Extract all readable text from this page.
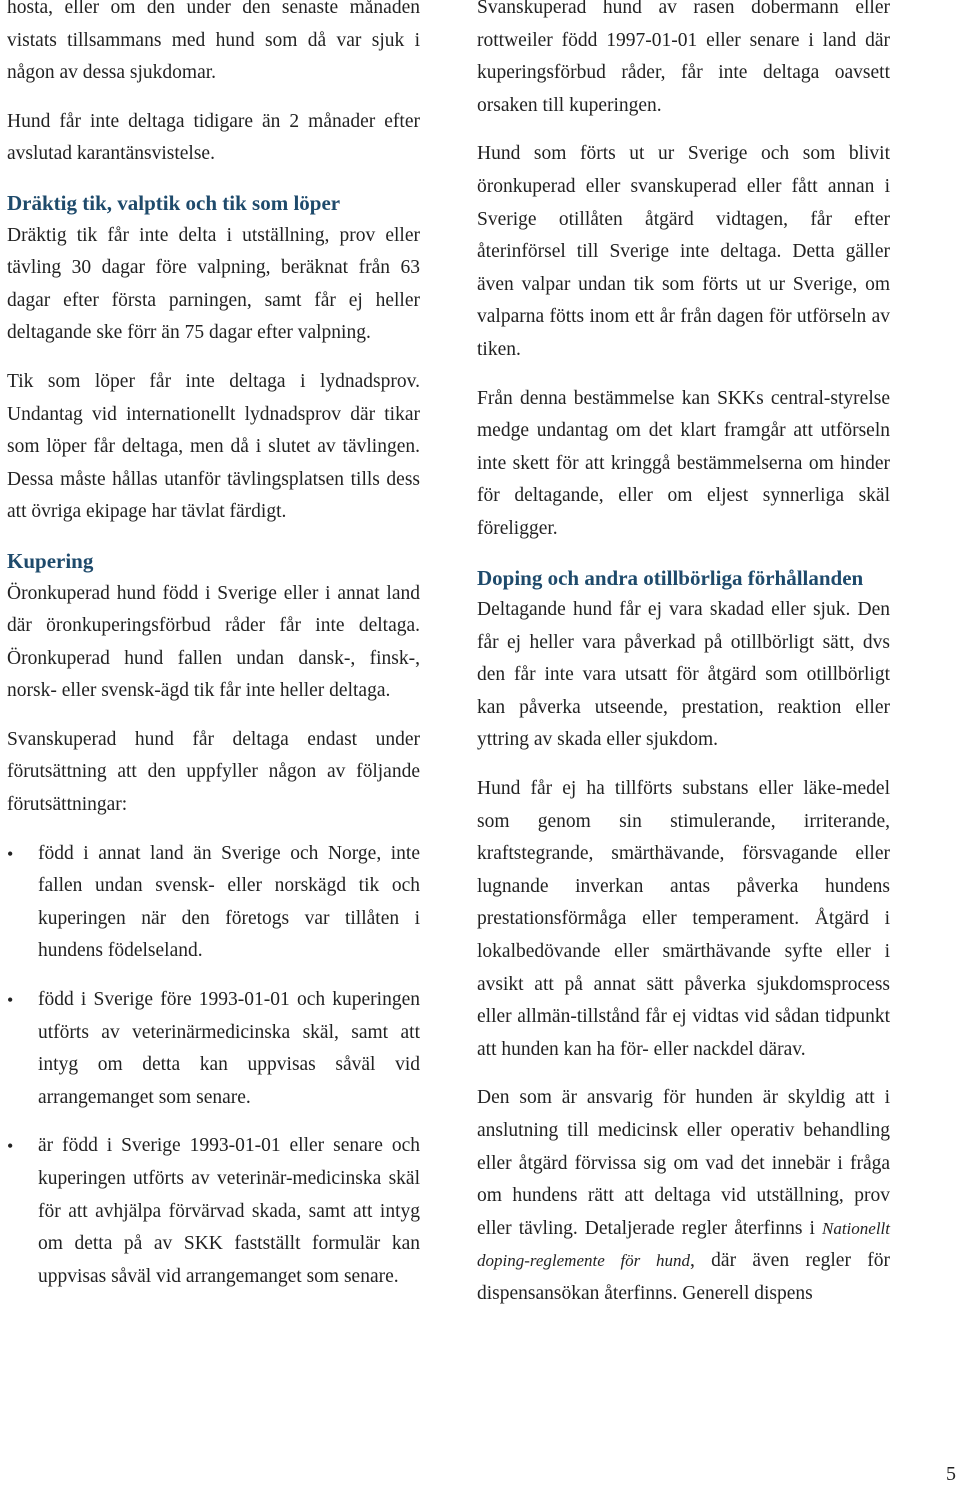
hosta, eller om den under den senaste månaden vistats tillsammans med hund som då var sjuk i någon av dessa sjukdomar.

Hund får inte deltaga tidigare än 2 månader efter avslutad karantänsvistelse.

Dräktig tik, valptik och tik som löper

Dräktig tik får inte delta i utställning, prov eller tävling 30 dagar före valpning, beräknat från 63 dagar efter första parningen, samt får ej heller deltagande ske förr än 75 dagar efter valpning.

Tik som löper får inte deltaga i lydnadsprov. Undantag vid internationellt lydnadsprov där tikar som löper får deltaga, men då i slutet av tävlingen. Dessa måste hållas utanför tävlingsplatsen tills dess att övriga ekipage har tävlat färdigt.

Kupering

Öronkuperad hund född i Sverige eller i annat land där öronkuperingsförbud råder får inte deltaga. Öronkuperad hund fallen undan dansk-, finsk-, norsk- eller svensk-ägd tik får inte heller deltaga.

Svanskuperad hund får deltaga endast under förutsättning att den uppfyller någon av följande förutsättningar:

• född i annat land än Sverige och Norge, inte fallen undan svensk- eller norskägd tik och kuperingen när den företogs var tillåten i hundens födelseland.
• född i Sverige före 1993-01-01 och kuperingen utförts av veterinärmedicinska skäl, samt att intyg om detta kan uppvisas såväl vid arrangemanget som senare.
• är född i Sverige 1993-01-01 eller senare och kuperingen utförts av veterinär-medicinska skäl för att avhjälpa förvärvad skada, samt att intyg om detta på av SKK fastställt formulär kan uppvisas såväl vid arrangemanget som senare.

Svanskuperad hund av rasen dobermann eller rottweiler född 1997-01-01 eller senare i land där kuperingsförbud råder, får inte deltaga oavsett orsaken till kuperingen.

Hund som förts ut ur Sverige och som blivit öronkuperad eller svanskuperad eller fått annan i Sverige otillåten åtgärd vidtagen, får efter återinförsel till Sverige inte deltaga. Detta gäller även valpar undan tik som förts ut ur Sverige, om valparna fötts inom ett år från dagen för utförseln av tiken.

Från denna bestämmelse kan SKKs central-styrelse medge undantag om det klart framgår att utförseln inte skett för att kringgå bestämmelserna om hinder för deltagande, eller om eljest synnerliga skäl föreligger.

Doping och andra otillbörliga förhållanden

Deltagande hund får ej vara skadad eller sjuk. Den får ej heller vara påverkad på otillbörligt sätt, dvs den får inte vara utsatt för åtgärd som otillbörligt kan påverka utseende, prestation, reaktion eller yttring av skada eller sjukdom.

Hund får ej ha tillförts substans eller läke-medel som genom sin stimulerande, irriterande, kraftstegrande, smärthävande, försvagande eller lugnande inverkan antas påverka hundens prestationsförmåga eller temperament. Åtgärd i lokalbedövande eller smärthävande syfte eller i avsikt att på annat sätt påverka sjukdomsprocess eller allmän-tillstånd får ej vidtas vid sådan tidpunkt att hunden kan ha för- eller nackdel därav.

Den som är ansvarig för hunden är skyldig att i anslutning till medicinsk eller operativ behandling eller åtgärd förvissa sig om vad det innebär i fråga om hundens rätt att deltaga vid utställning, prov eller tävling. Detaljerade regler återfinns i Nationellt doping-reglemente för hund, där även regler för dispensansökan återfinns. Generell dispens

5
